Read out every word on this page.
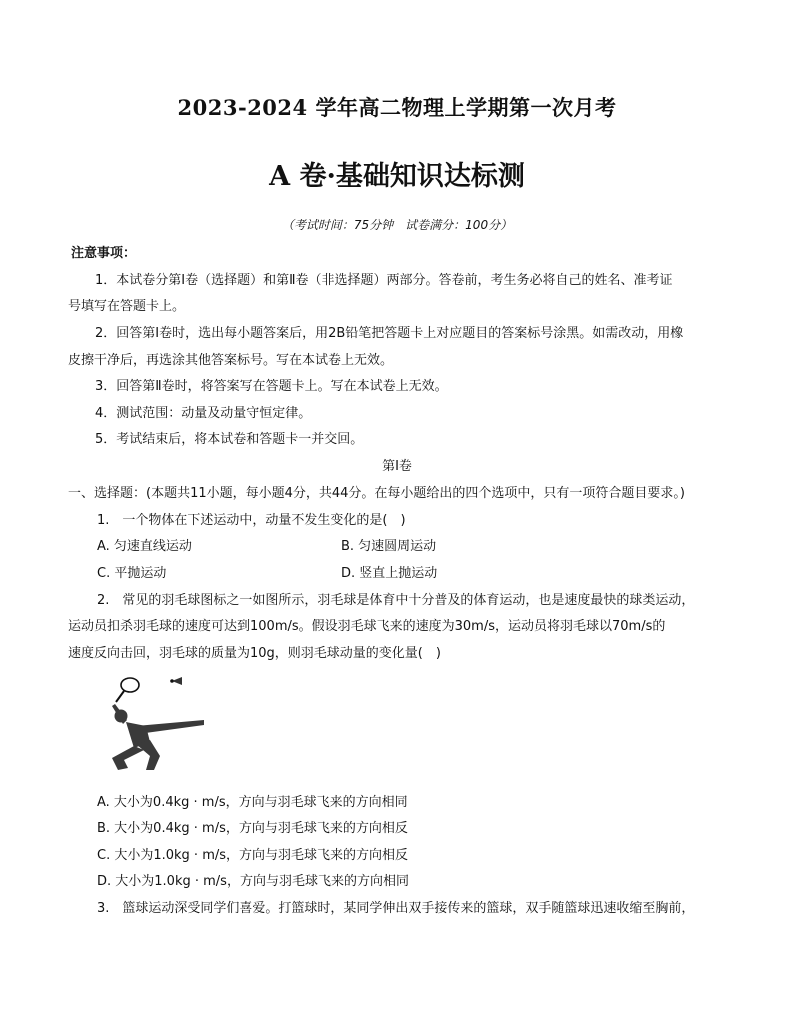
2023-2024 学年高二物理上学期第一次月考
A 卷·基础知识达标测
（考试时间：75分钟　试卷满分：100分）
注意事项：
1．本试卷分第Ⅰ卷（选择题）和第Ⅱ卷（非选择题）两部分。答卷前，考生务必将自己的姓名、准考证
号填写在答题卡上。
2．回答第Ⅰ卷时，选出每小题答案后，用2B铅笔把答题卡上对应题目的答案标号涂黑。如需改动，用橡
皮擦干净后，再选涂其他答案标号。写在本试卷上无效。
3．回答第Ⅱ卷时，将答案写在答题卡上。写在本试卷上无效。
4．测试范围：动量及动量守恒定律。
5．考试结束后，将本试卷和答题卡一并交回。
第Ⅰ卷
一、选择题：(本题共11小题，每小题4分，共44分。在每小题给出的四个选项中，只有一项符合题目要求。)
1.　一个物体在下述运动中，动量不发生变化的是(　)
A. 匀速直线运动	B. 匀速圆周运动
C. 平抛运动	D. 竖直上抛运动
2.　常见的羽毛球图标之一如图所示，羽毛球是体育中十分普及的体育运动，也是速度最快的球类运动，
运动员扣杀羽毛球的速度可达到100m/s。假设羽毛球飞来的速度为30m/s，运动员将羽毛球以70m/s的
速度反向击回，羽毛球的质量为10g，则羽毛球动量的变化量(　)
A. 大小为0.4kg · m/s，方向与羽毛球飞来的方向相同
B. 大小为0.4kg · m/s，方向与羽毛球飞来的方向相反
C. 大小为1.0kg · m/s，方向与羽毛球飞来的方向相反
D. 大小为1.0kg · m/s，方向与羽毛球飞来的方向相同
3.　篮球运动深受同学们喜爱。打篮球时，某同学伸出双手接传来的篮球，双手随篮球迅速收缩至胸前，
